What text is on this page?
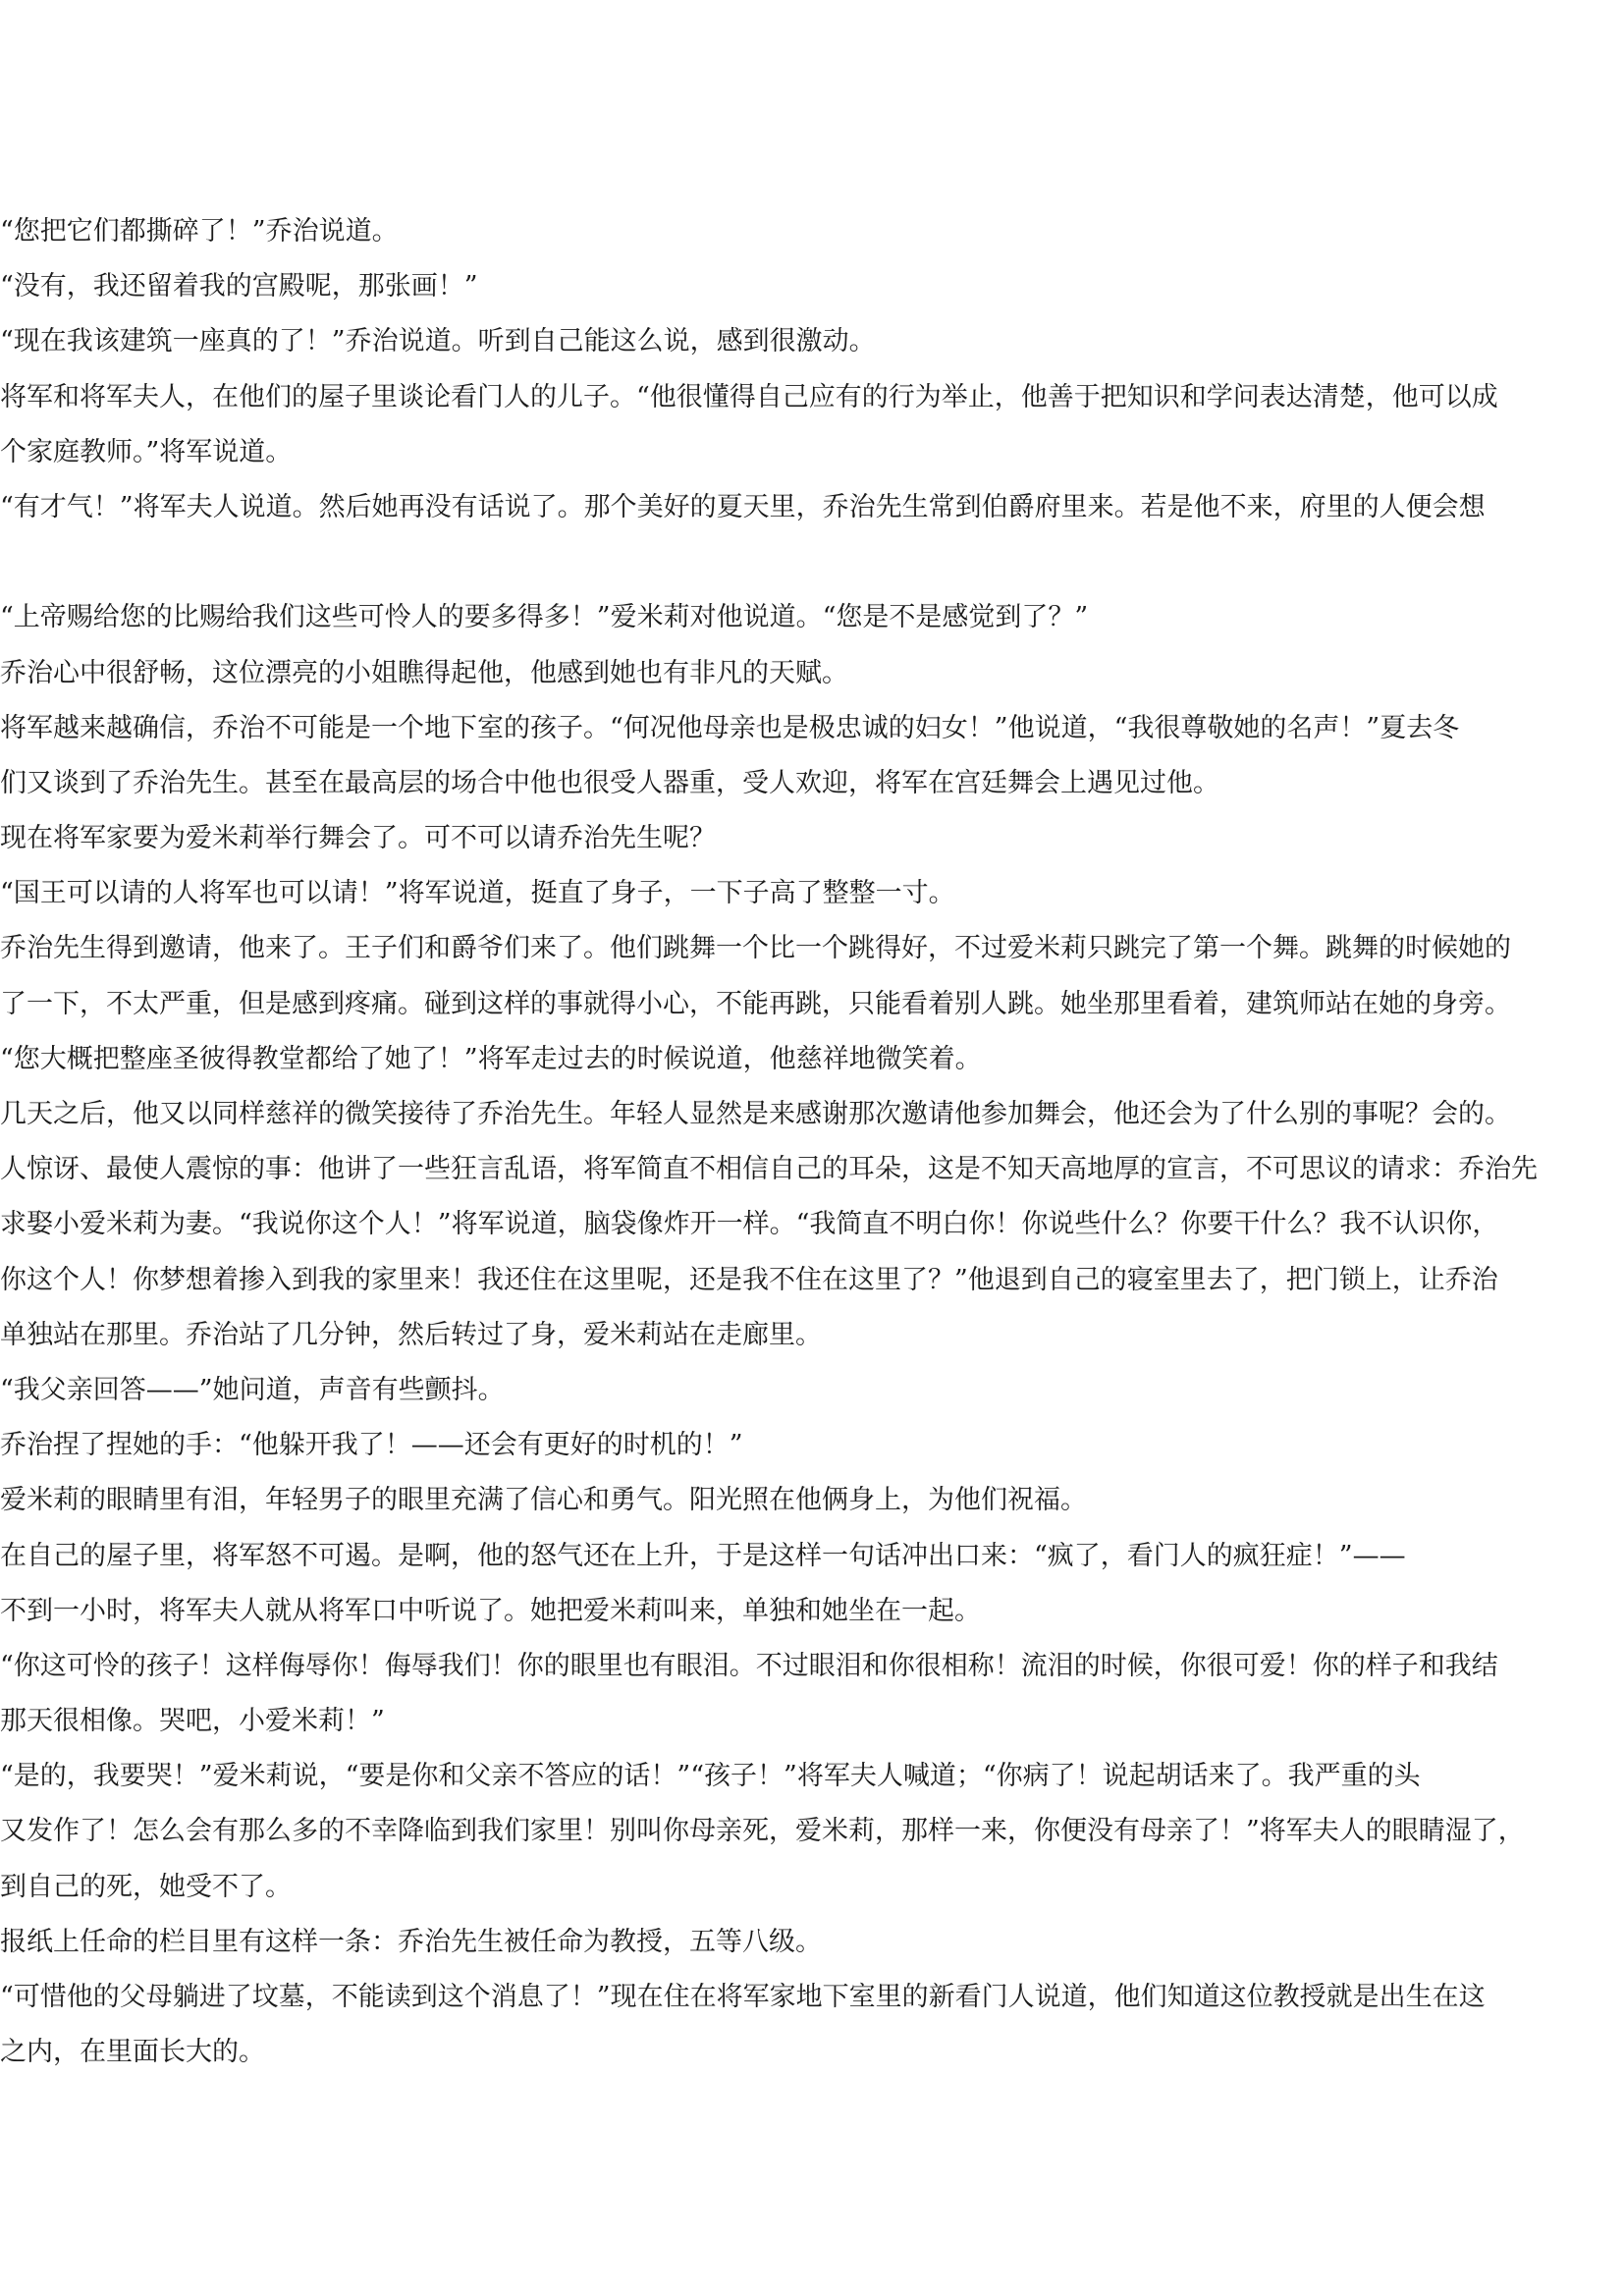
“您把它们都撕碎了！”乔治说道。
“没有，我还留着我的宫殿呢，那张画！”
“现在我该建筑一座真的了！”乔治说道。听到自己能这么说，感到很激动。
将军和将军夫人，在他们的屋子里谈论看门人的儿子。“他很懂得自己应有的行为举止，他善于把知识和学问表达清楚，他可以成
个家庭教师。”将军说道。
“有才气！”将军夫人说道。然后她再没有话说了。那个美好的夏天里，乔治先生常到伯爵府里来。若是他不来，府里的人便会想
“上帝赐给您的比赐给我们这些可怜人的要多得多！”爱米莉对他说道。“您是不是感觉到了？”
乔治心中很舒畅，这位漂亮的小姐瞧得起他，他感到她也有非凡的天赋。
将军越来越确信，乔治不可能是一个地下室的孩子。“何况他母亲也是极忠诚的妇女！”他说道，“我很尊敬她的名声！”夏去冬
们又谈到了乔治先生。甚至在最高层的场合中他也很受人器重，受人欢迎，将军在宫廷舞会上遇见过他。
现在将军家要为爱米莉举行舞会了。可不可以请乔治先生呢？
“国王可以请的人将军也可以请！”将军说道，挺直了身子，一下子高了整整一寸。
乔治先生得到邀请，他来了。王子们和爵爷们来了。他们跳舞一个比一个跳得好，不过爱米莉只跳完了第一个舞。跳舞的时候她的
了一下，不太严重，但是感到疼痛。碰到这样的事就得小心，不能再跳，只能看着别人跳。她坐那里看着，建筑师站在她的身旁。
“您大概把整座圣彼得教堂都给了她了！”将军走过去的时候说道，他慈祥地微笑着。
几天之后，他又以同样慈祥的微笑接待了乔治先生。年轻人显然是来感谢那次邀请他参加舞会，他还会为了什么别的事呢？会的。
人惊讶、最使人震惊的事：他讲了一些狂言乱语，将军简直不相信自己的耳朵，这是不知天高地厚的宣言，不可思议的请求：乔治先
求娶小爱米莉为妻。“我说你这个人！”将军说道，脑袋像炸开一样。“我简直不明白你！你说些什么？你要干什么？我不认识你，
你这个人！你梦想着掺入到我的家里来！我还住在这里呢，还是我不住在这里了？”他退到自己的寝室里去了，把门锁上，让乔治
单独站在那里。乔治站了几分钟，然后转过了身，爱米莉站在走廊里。
“我父亲回答——”她问道，声音有些颤抖。
乔治捏了捏她的手：“他躲开我了！——还会有更好的时机的！”
爱米莉的眼睛里有泪，年轻男子的眼里充满了信心和勇气。阳光照在他俩身上，为他们祝福。
在自己的屋子里，将军怒不可遏。是啊，他的怒气还在上升，于是这样一句话冲出口来：“疯了，看门人的疯狂症！”——
不到一小时，将军夫人就从将军口中听说了。她把爱米莉叫来，单独和她坐在一起。
“你这可怜的孩子！这样侮辱你！侮辱我们！你的眼里也有眼泪。不过眼泪和你很相称！流泪的时候，你很可爱！你的样子和我结
那天很相像。哭吧，小爱米莉！”
“是的，我要哭！”爱米莉说，“要是你和父亲不答应的话！”“孩子！”将军夫人喊道；“你病了！说起胡话来了。我严重的头
又发作了！怎么会有那么多的不幸降临到我们家里！别叫你母亲死，爱米莉，那样一来，你便没有母亲了！”将军夫人的眼睛湿了，
到自己的死，她受不了。
报纸上任命的栏目里有这样一条：乔治先生被任命为教授，五等八级。
“可惜他的父母躺进了坟墓，不能读到这个消息了！”现在住在将军家地下室里的新看门人说道，他们知道这位教授就是出生在这
之内，在里面长大的。
